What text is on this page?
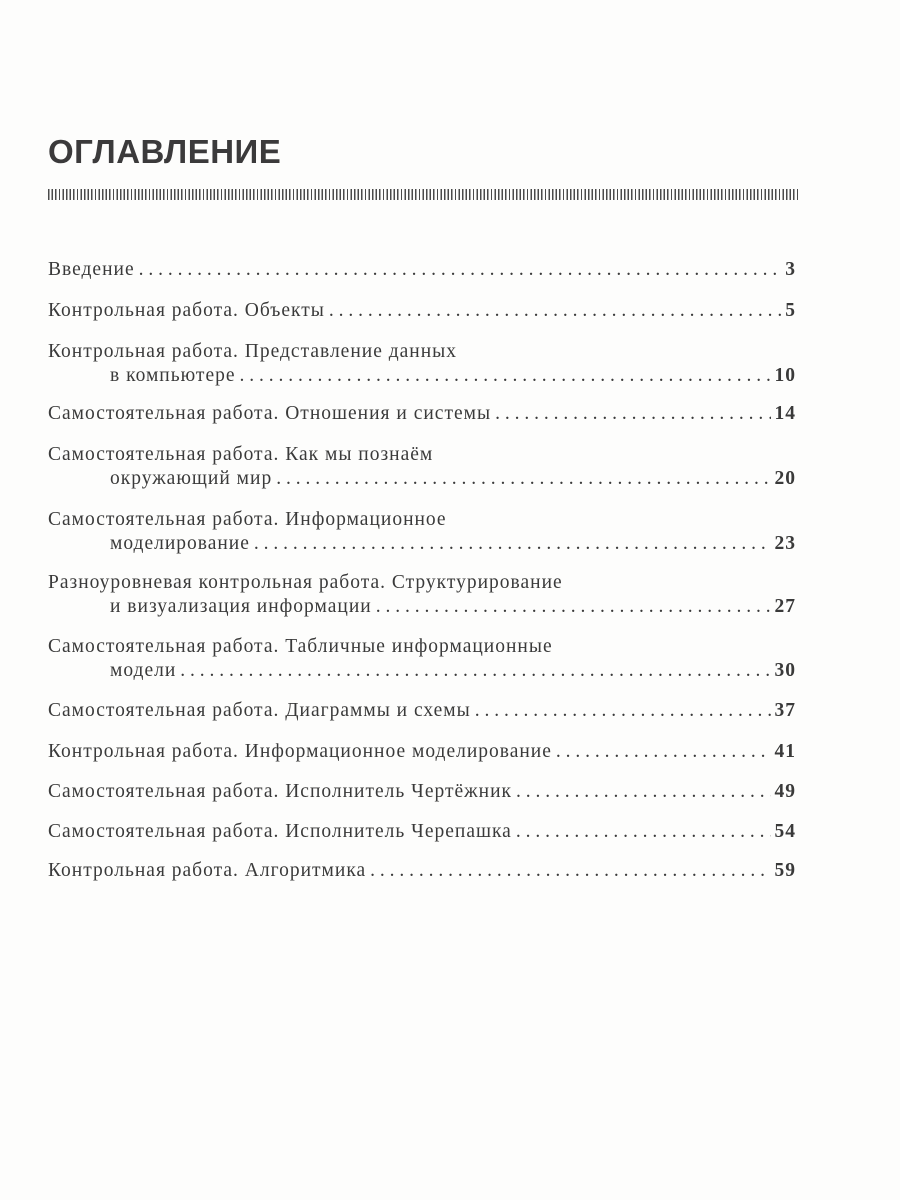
ОГЛАВЛЕНИЕ
Введение . . .	3
Контрольная работа. Объекты . . .	5
Контрольная работа. Представление данных
в компьютере . . .	10
Самостоятельная работа. Отношения и системы . . .	14
Самостоятельная работа. Как мы познаём
окружающий мир . . .	20
Самостоятельная работа. Информационное
моделирование . . .	23
Разноуровневая контрольная работа. Структурирование
и визуализация информации . . .	27
Самостоятельная работа. Табличные информационные
модели . . .	30
Самостоятельная работа. Диаграммы и схемы . . .	37
Контрольная работа. Информационное моделирование . . .	41
Самостоятельная работа. Исполнитель Чертёжник . . .	49
Самостоятельная работа. Исполнитель Черепашка . . .	54
Контрольная работа. Алгоритмика . . .	59
